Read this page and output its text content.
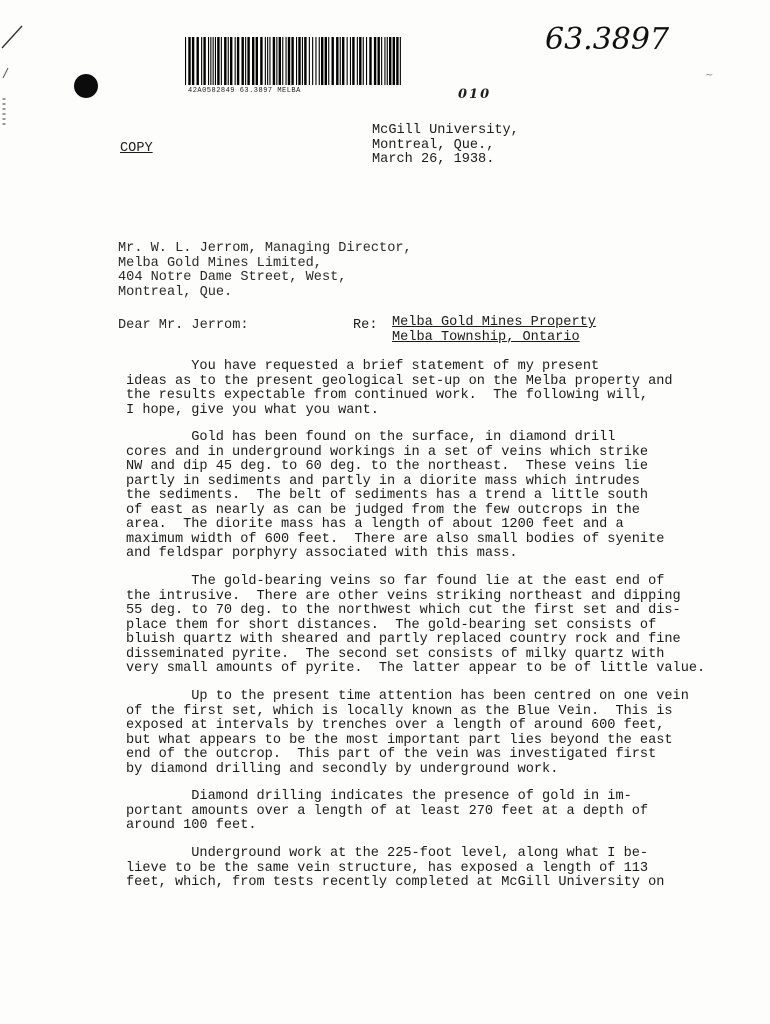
42A0582849 63.3897 MELBA
63.3897
010
~
COPY
McGill University,
Montreal, Que.,
March 26, 1938.
Mr. W. L. Jerrom, Managing Director,
Melba Gold Mines Limited,
404 Notre Dame Street, West,
Montreal, Que.
Dear Mr. Jerrom:	Re: Melba Gold Mines Property
Melba Township, Ontario
You have requested a brief statement of my present
ideas as to the present geological set-up on the Melba property and
the results expectable from continued work.  The following will,
I hope, give you what you want.
Gold has been found on the surface, in diamond drill
cores and in underground workings in a set of veins which strike
NW and dip 45 deg. to 60 deg. to the northeast.  These veins lie
partly in sediments and partly in a diorite mass which intrudes
the sediments.  The belt of sediments has a trend a little south
of east as nearly as can be judged from the few outcrops in the
area.  The diorite mass has a length of about 1200 feet and a
maximum width of 600 feet.  There are also small bodies of syenite
and feldspar porphyry associated with this mass.
The gold-bearing veins so far found lie at the east end of
the intrusive.  There are other veins striking northeast and dipping
55 deg. to 70 deg. to the northwest which cut the first set and dis-
place them for short distances.  The gold-bearing set consists of
bluish quartz with sheared and partly replaced country rock and fine
disseminated pyrite.  The second set consists of milky quartz with
very small amounts of pyrite.  The latter appear to be of little value.
Up to the present time attention has been centred on one vein
of the first set, which is locally known as the Blue Vein.  This is
exposed at intervals by trenches over a length of around 600 feet,
but what appears to be the most important part lies beyond the east
end of the outcrop.  This part of the vein was investigated first
by diamond drilling and secondly by underground work.
Diamond drilling indicates the presence of gold in im-
portant amounts over a length of at least 270 feet at a depth of
around 100 feet.
Underground work at the 225-foot level, along what I be-
lieve to be the same vein structure, has exposed a length of 113
feet, which, from tests recently completed at McGill University on
